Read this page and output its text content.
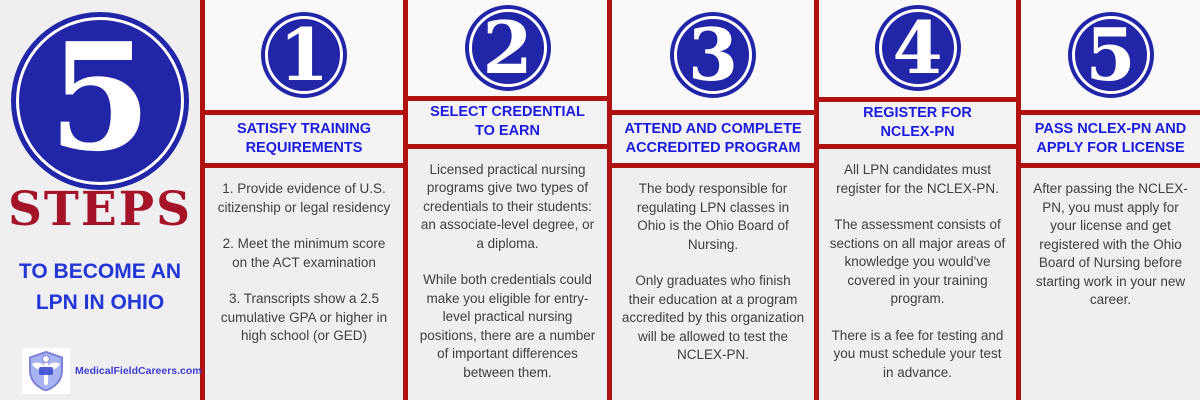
5
STEPS
TO BECOME AN
LPN IN OHIO
MedicalFieldCareers.com
1
SATISFY TRAINING REQUIREMENTS

1. Provide evidence of U.S. citizenship or legal residency

2. Meet the minimum score on the ACT examination

3. Transcripts show a 2.5 cumulative GPA or higher in high school (or GED)

2
SELECT CREDENTIAL TO EARN

Licensed practical nursing programs give two types of credentials to their students: an associate-level degree, or a diploma.

While both credentials could make you eligible for entry-level practical nursing positions, there are a number of important differences between them.

3
ATTEND AND COMPLETE ACCREDITED PROGRAM

The body responsible for regulating LPN classes in Ohio is the Ohio Board of Nursing.

Only graduates who finish their education at a program accredited by this organization will be allowed to test the NCLEX-PN.

4
REGISTER FOR NCLEX-PN

All LPN candidates must register for the NCLEX-PN.

The assessment consists of sections on all major areas of knowledge you would've covered in your training program.

There is a fee for testing and you must schedule your test in advance.

5
PASS NCLEX-PN AND APPLY FOR LICENSE

After passing the NCLEX-PN, you must apply for your license and get registered with the Ohio Board of Nursing before starting work in your new career.
